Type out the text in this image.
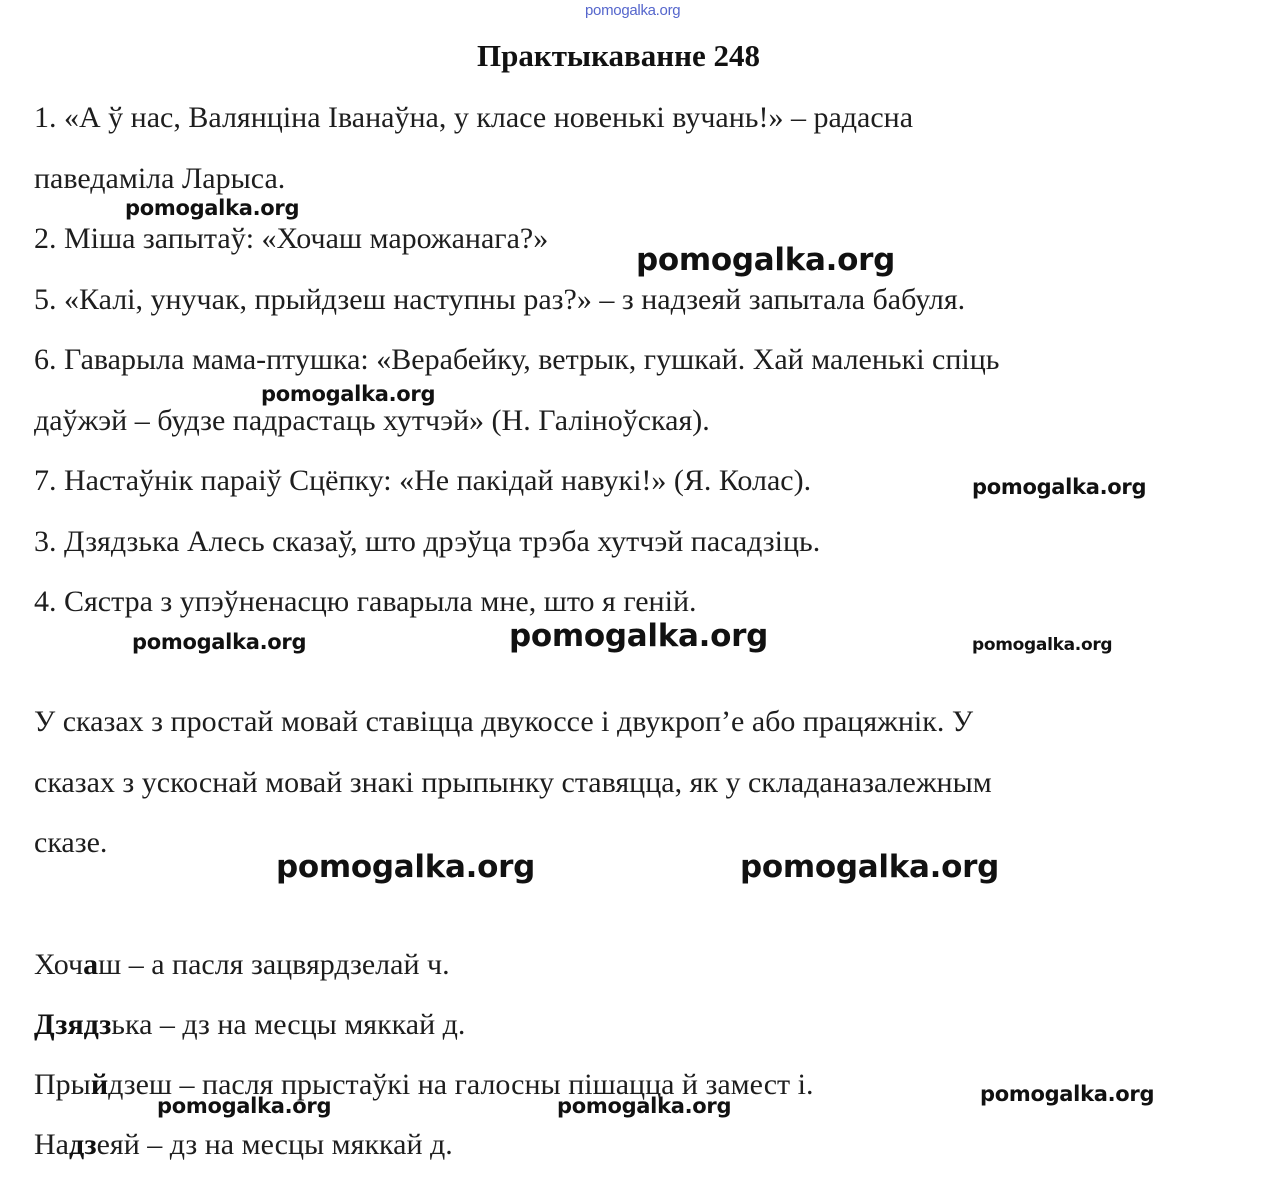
pomogalka.org
pomogalka.org
pomogalka.org
pomogalka.org
pomogalka.org
pomogalka.org	pomogalka.org	pomogalka.org
pomogalka.org	pomogalka.org
pomogalka.org	pomogalka.org	pomogalka.org
Практыкаванне 248
1. «А ў нас, Валянціна Іванаўна, у класе новенькі вучань!» – радасна
паведаміла Ларыса.
2. Міша запытаў: «Хочаш марожанага?»
5. «Калі, унучак, прыйдзеш наступны раз?» – з надзеяй запытала бабуля.
6. Гаварыла мама-птушка: «Верабейку, ветрык, гушкай. Хай маленькі спіць
даўжэй – будзе падрастаць хутчэй» (Н. Галіноўская).
7. Настаўнік параіў Сцёпку: «Не пакідай навукі!» (Я. Колас).
3. Дзядзька Алесь сказаў, што дрэўца трэба хутчэй пасадзіць.
4. Сястра з упэўненасцю гаварыла мне, што я геній.
У сказах з простай мовай ставіцца двукоссе і двукроп’е або працяжнік. У
сказах з ускоснай мовай знакі прыпынку ставяцца, як у складаназалежным
сказе.
Хочаш – а пасля зацвярдзелай ч.
Дзядзька – дз на месцы мяккай д.
Прыйдзеш – пасля прыстаўкі на галосны пішацца й замест і.
Надзеяй – дз на месцы мяккай д.
